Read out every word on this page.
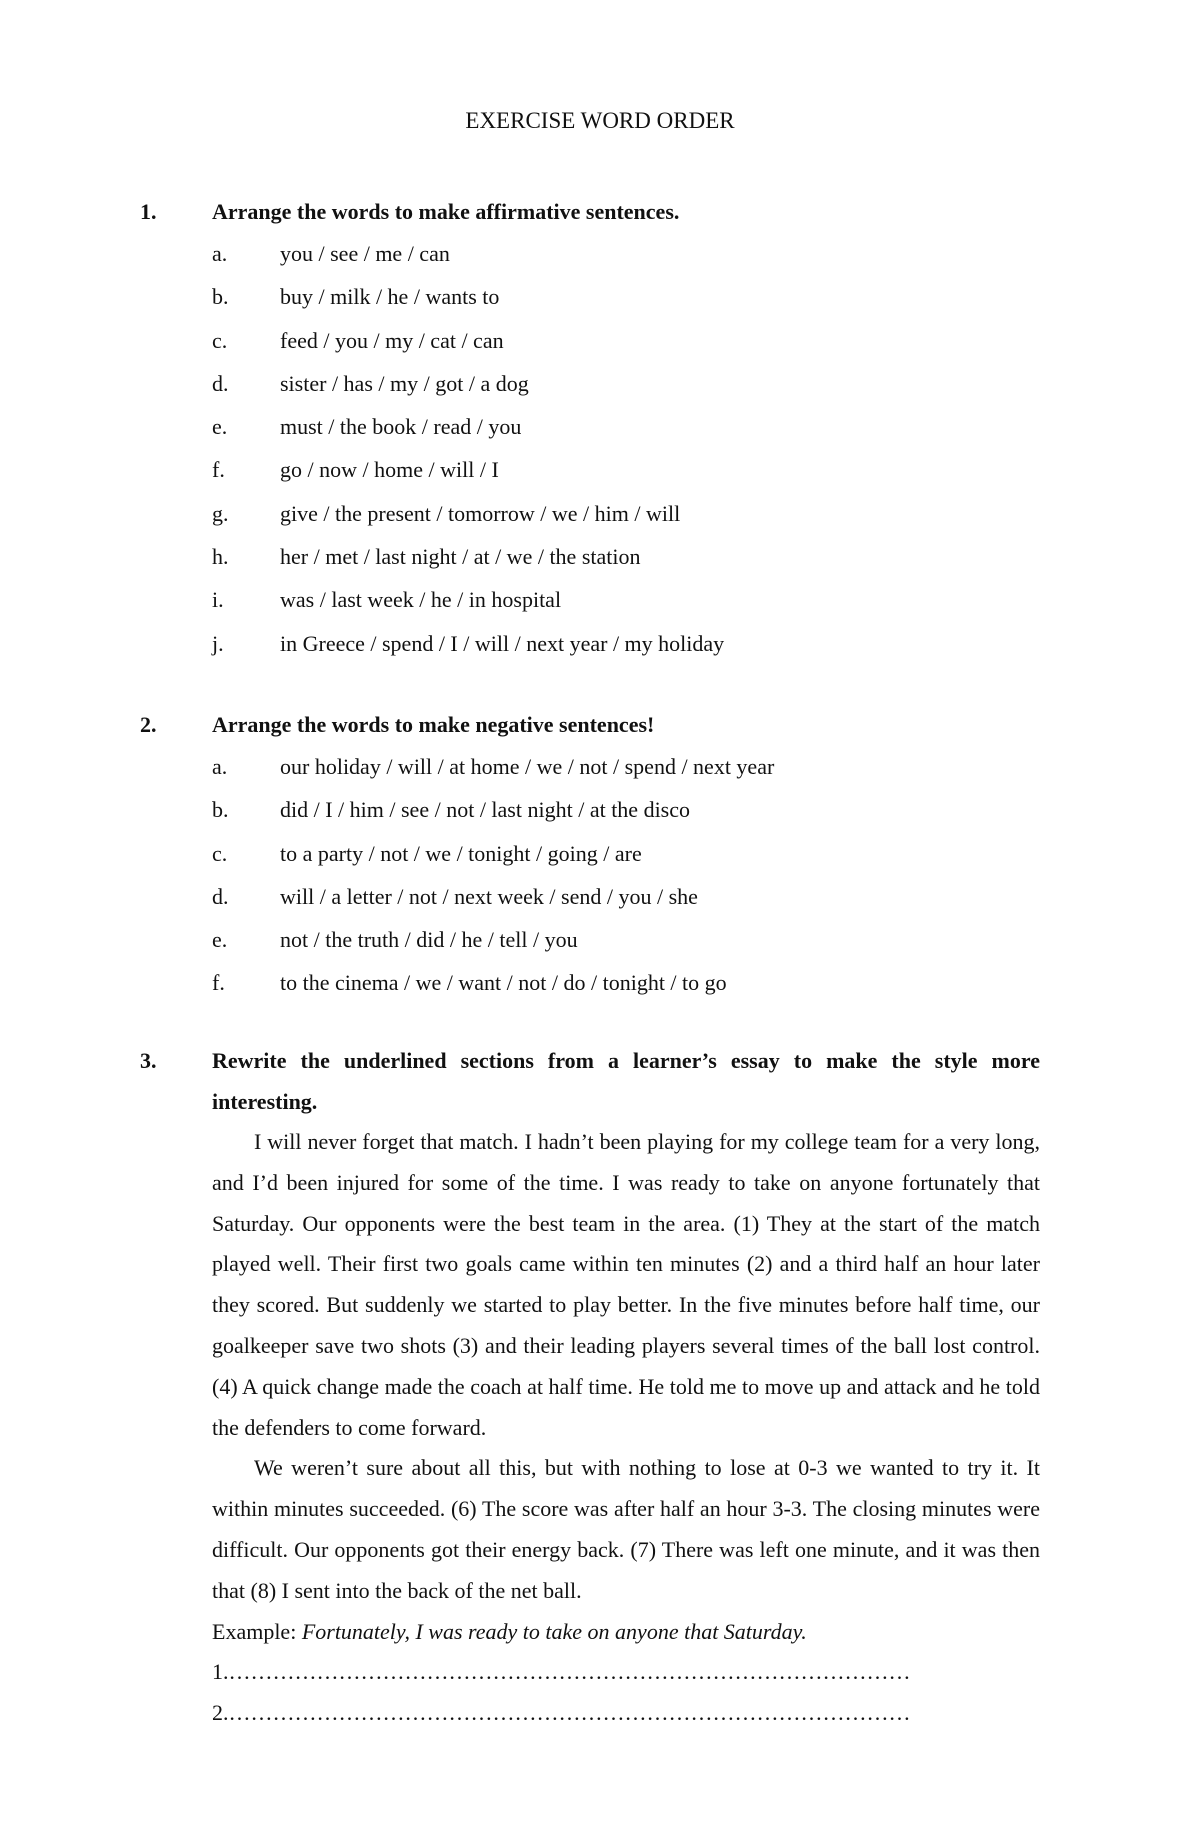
EXERCISE WORD ORDER
1.	Arrange the words to make affirmative sentences.
a.	you / see / me / can
b.	buy / milk / he / wants to
c.	feed / you / my / cat / can
d.	sister / has / my / got / a dog
e.	must / the book / read / you
f.	go / now / home / will / I
g.	give / the present / tomorrow / we / him / will
h.	her / met / last night / at / we / the station
i.	was / last week / he / in hospital
j.	in Greece / spend / I / will / next year / my holiday
2.	Arrange the words to make negative sentences!
a.	our holiday / will / at home / we / not / spend / next year
b.	did / I / him / see / not / last night / at the disco
c.	to a party / not / we / tonight / going / are
d.	will / a letter / not / next week / send / you / she
e.	not / the truth / did / he / tell / you
f.	to the cinema / we / want / not / do / tonight / to go
3.	Rewrite the underlined sections from a learner’s essay to make the style more interesting.
I will never forget that match. I hadn’t been playing for my college team for a very long, and I’d been injured for some of the time. I was ready to take on anyone fortunately that Saturday. Our opponents were the best team in the area. (1) They at the start of the match played well. Their first two goals came within ten minutes (2) and a third half an hour later they scored. But suddenly we started to play better. In the five minutes before half time, our goalkeeper save two shots (3) and their leading players several times of the ball lost control. (4) A quick change made the coach at half time. He told me to move up and attack and he told the defenders to come forward.
We weren’t sure about all this, but with nothing to lose at 0-3 we wanted to try it. It within minutes succeeded. (6) The score was after half an hour 3-3. The closing minutes were difficult. Our opponents got their energy back. (7) There was left one minute, and it was then that (8) I sent into the back of the net ball.
Example: Fortunately, I was ready to take on anyone that Saturday.
1.…………………………………………………………………………………
2.…………………………………………………………………………………
